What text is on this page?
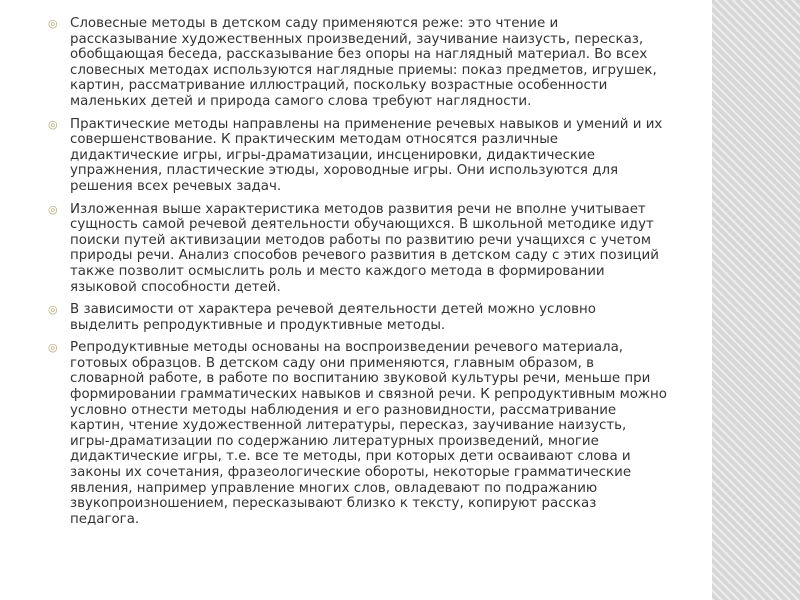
◎ Словесные методы в детском саду применяются реже: это чтение и рассказывание художественных произведений, заучивание наизусть, пересказ, обобщающая беседа, рассказывание без опоры на наглядный материал. Во всех словесных методах используются наглядные приемы: показ предметов, игрушек, картин, рассматривание иллюстраций, поскольку возрастные особенности маленьких детей и природа самого слова требуют наглядности.
◎ Практические методы направлены на применение речевых навыков и умений и их совершенствование. К практическим методам относятся различные дидактические игры, игры-драматизации, инсценировки, дидактические упражнения, пластические этюды, хороводные игры. Они используются для решения всех речевых задач.
◎ Изложенная выше характеристика методов развития речи не вполне учитывает сущность самой речевой деятельности обучающихся. В школьной методике идут поиски путей активизации методов работы по развитию речи учащихся с учетом природы речи. Анализ способов речевого развития в детском саду с этих позиций также позволит осмыслить роль и место каждого метода в формировании языковой способности детей.
◎ В зависимости от характера речевой деятельности детей можно условно выделить репродуктивные и продуктивные методы.
◎ Репродуктивные методы основаны на воспроизведении речевого материала, готовых образцов. В детском саду они применяются, главным образом, в словарной работе, в работе по воспитанию звуковой культуры речи, меньше при формировании грамматических навыков и связной речи. К репродуктивным можно условно отнести методы наблюдения и его разновидности, рассматривание картин, чтение художественной литературы, пересказ, заучивание наизусть, игры-драматизации по содержанию литературных произведений, многие дидактические игры, т.е. все те методы, при которых дети осваивают слова и законы их сочетания, фразеологические обороты, некоторые грамматические явления, например управление многих слов, овладевают по подражанию звукопроизношением, пересказывают близко к тексту, копируют рассказ педагога.
